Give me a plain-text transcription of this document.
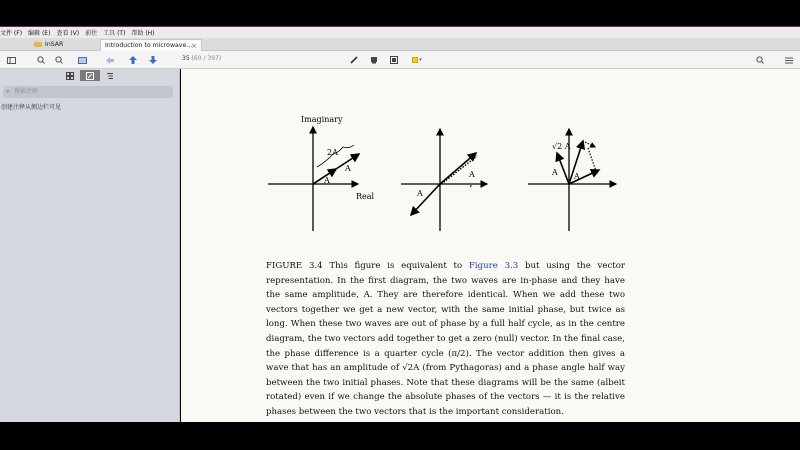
文件 (F) 编辑 (E) 查看 (V) 前往 工具 (T) 帮助 (H)
InSAR	Introduction to microwave...
×
35 (60 / 397)	▾
⌕ 搜索注释
创建注释从侧边栏可见
Imaginary
Real
2A
A
A
A
A
√2 A
A A
FIGURE 3.4 This figure is equivalent to Figure 3.3 but using the vector representation. In the first diagram, the two waves are in-phase and they have the same amplitude, A. They are therefore identical. When we add these two vectors together we get a new vector, with the same initial phase, but twice as long. When these two waves are out of phase by a full half cycle, as in the centre diagram, the two vectors add together to get a zero (null) vector. In the final case, the phase difference is a quarter cycle (π/2). The vector addition then gives a wave that has an amplitude of √2A (from Pythagoras) and a phase angle half way between the two initial phases. Note that these diagrams will be the same (albeit rotated) even if we change the absolute phases of the vectors — it is the relative phases between the two vectors that is the important consideration.
